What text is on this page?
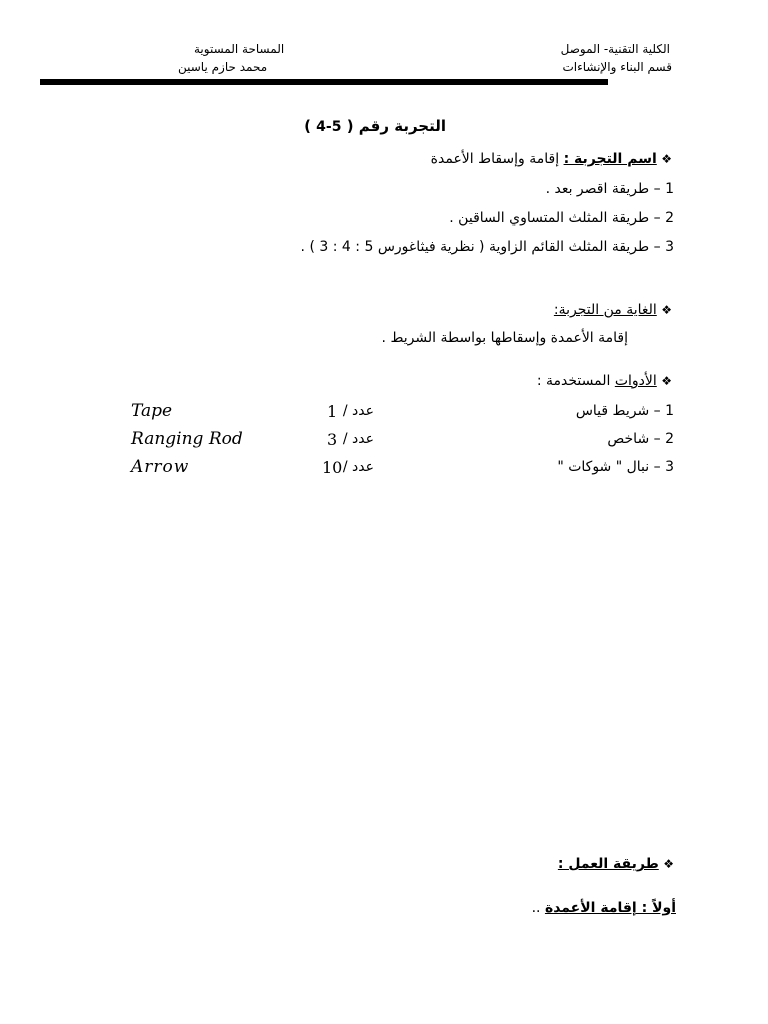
الكلية التقنية- الموصل
قسم البناء والإنشاءات
المساحة المستوية
محمد حازم ياسين
التجربة رقم ( 4-5 )
❖ اسم التجربة : إقامة وإسقاط الأعمدة
1 – طريقة اقصر بعد .
2 – طريقة المثلث المتساوي الساقين .
3 – طريقة المثلث القائم الزاوية ( نظرية فيثاغورس 5 : 4 : 3 ) .
❖ الغاية من التجربة:
إقامة الأعمدة وإسقاطها بواسطة الشريط .
❖ الأدوات المستخدمة :
1 – شريط قياس
عدد /
1
Tape
2 – شاخص
عدد /
3
Ranging Rod
3 – نبال " شوكات "
عدد /
10
Arrow
❖ طريقة العمل :
أولاً : إقامة الأعمدة ..
